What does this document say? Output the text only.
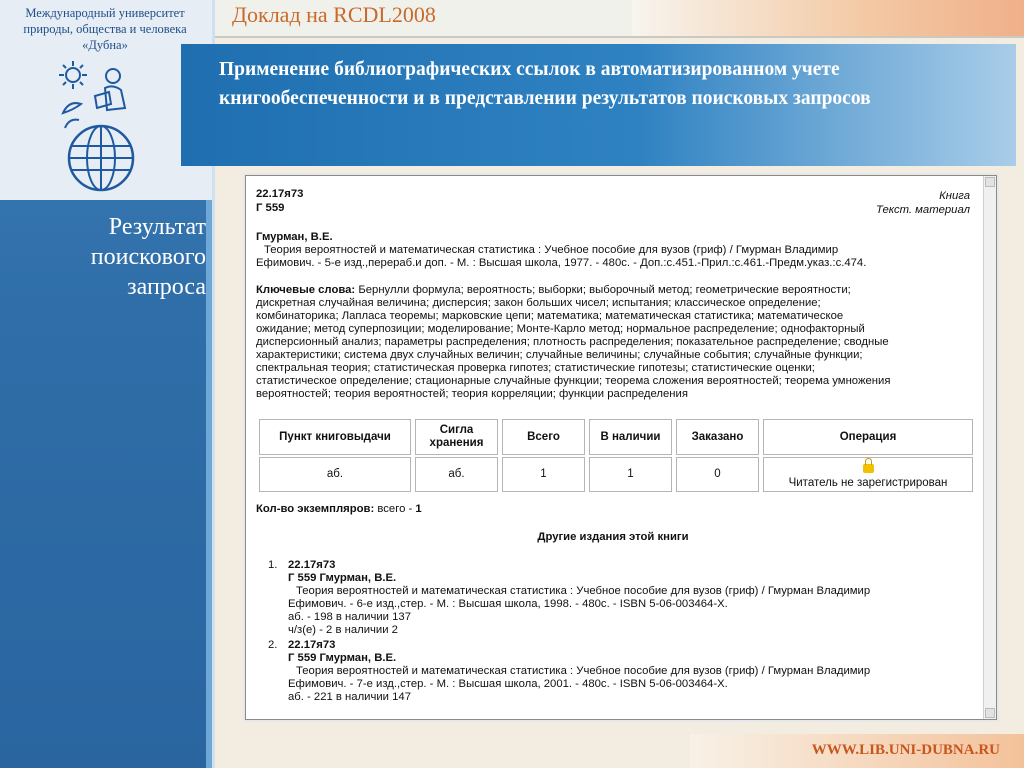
Международный университет природы, общества и человека «Дубна»
Результат
поискового
запроса
Доклад на RCDL2008
Применение библиографических ссылок в автоматизированном учете книгообеспеченности и в представлении результатов поисковых запросов
22.17я73
Г 559
Книга
Текст. материал
Гмурман, В.Е.
Теория вероятностей и математическая статистика : Учебное пособие для вузов (гриф) / Гмурман Владимир
Ефимович. - 5-е изд.,перераб.и доп. - М. : Высшая школа, 1977. - 480с. - Доп.:с.451.-Прил.:с.461.-Предм.указ.:с.474.
Ключевые слова: Бернулли формула; вероятность; выборки; выборочный метод; геометрические вероятности;
дискретная случайная величина; дисперсия; закон больших чисел; испытания; классическое определение;
комбинаторика; Лапласа теоремы; марковские цепи; математика; математическая статистика; математическое
ожидание; метод суперпозиции; моделирование; Монте-Карло метод; нормальное распределение; однофакторный
дисперсионный анализ; параметры распределения; плотность распределения; показательное распределение; сводные
характеристики; система двух случайных величин; случайные величины; случайные события; случайные функции;
спектральная теория; статистическая проверка гипотез; статистические гипотезы; статистические оценки;
статистическое определение; стационарные случайные функции; теорема сложения вероятностей; теорема умножения
вероятностей; теория вероятностей; теория корреляции; функции распределения
Пункт книговыдачи	Сигла
хранения	Всего	В наличии	Заказано	Операция
аб.	аб.	1	1	0	Читатель не зарегистрирован
Кол-во экземпляров: всего - 1
Другие издания этой книги
1. 22.17я73
Г 559 Гмурман, В.Е.
Теория вероятностей и математическая статистика : Учебное пособие для вузов (гриф) / Гмурман Владимир
Ефимович. - 6-е изд.,стер. - М. : Высшая школа, 1998. - 480с. - ISBN 5-06-003464-X.
аб. - 198 в наличии 137
ч/з(е) - 2 в наличии 2
2. 22.17я73
Г 559 Гмурман, В.Е.
Теория вероятностей и математическая статистика : Учебное пособие для вузов (гриф) / Гмурман Владимир
Ефимович. - 7-е изд.,стер. - М. : Высшая школа, 2001. - 480с. - ISBN 5-06-003464-X.
аб. - 221 в наличии 147
WWW.LIB.UNI-DUBNA.RU
